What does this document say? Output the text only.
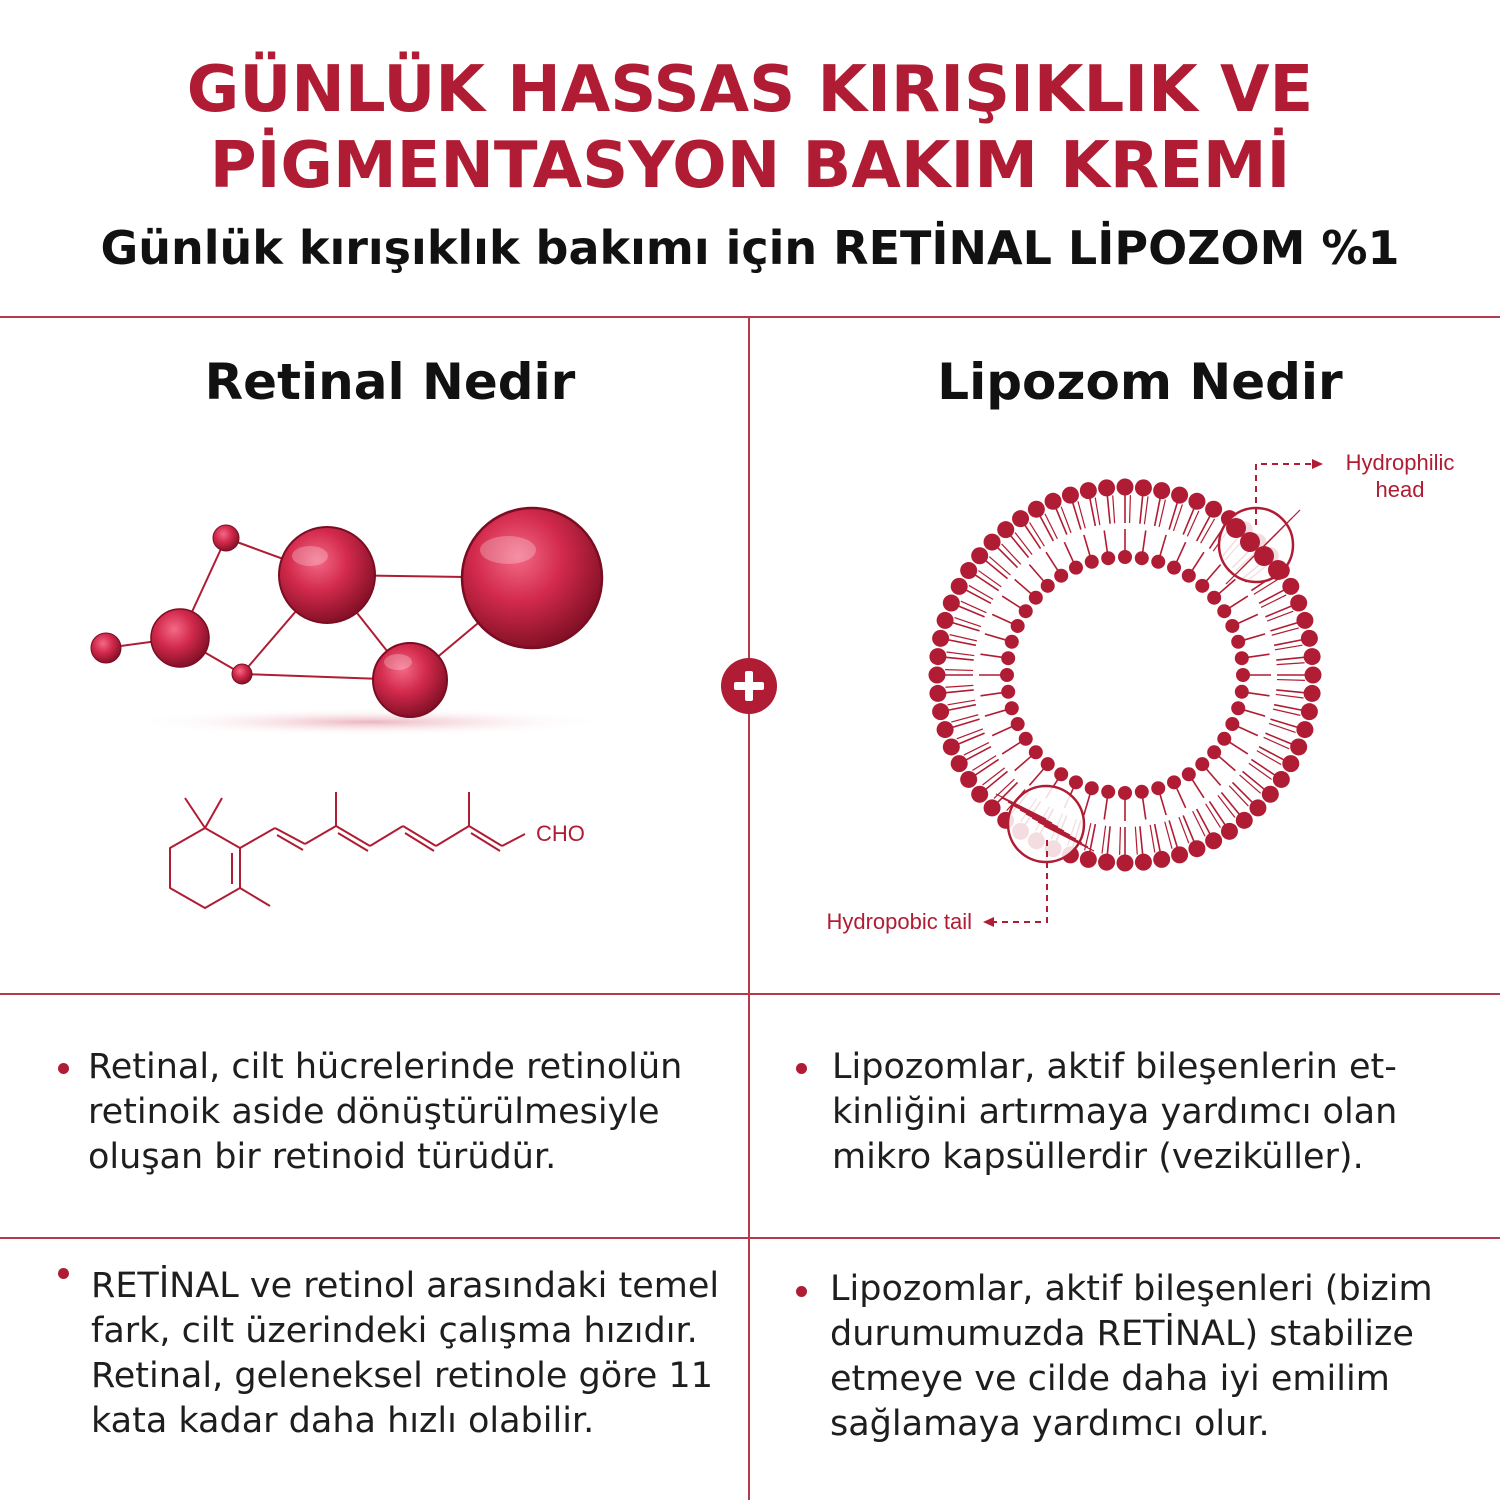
GÜNLÜK HASSAS KIRIŞIKLIK VE
PİGMENTASYON BAKIM KREMİ
Günlük kırışıklık bakımı için RETİNAL LİPOZOM %1
Retinal Nedir	Lipozom Nedir
CHO
Hydrophilic
head
Hydropobic tail

Retinal, cilt hücrelerinde retinolün
retinoik aside dönüştürülmesiyle
oluşan bir retinoid türüdür.

RETİNAL ve retinol arasındaki temel
fark, cilt üzerindeki çalışma hızıdır.
Retinal, geleneksel retinole göre 11
kata kadar daha hızlı olabilir.

Lipozomlar, aktif bileşenlerin et-
kinliğini artırmaya yardımcı olan
mikro kapsüllerdir (veziküller).

Lipozomlar, aktif bileşenleri (bizim
durumumuzda RETİNAL) stabilize
etmeye ve cilde daha iyi emilim
sağlamaya yardımcı olur.
